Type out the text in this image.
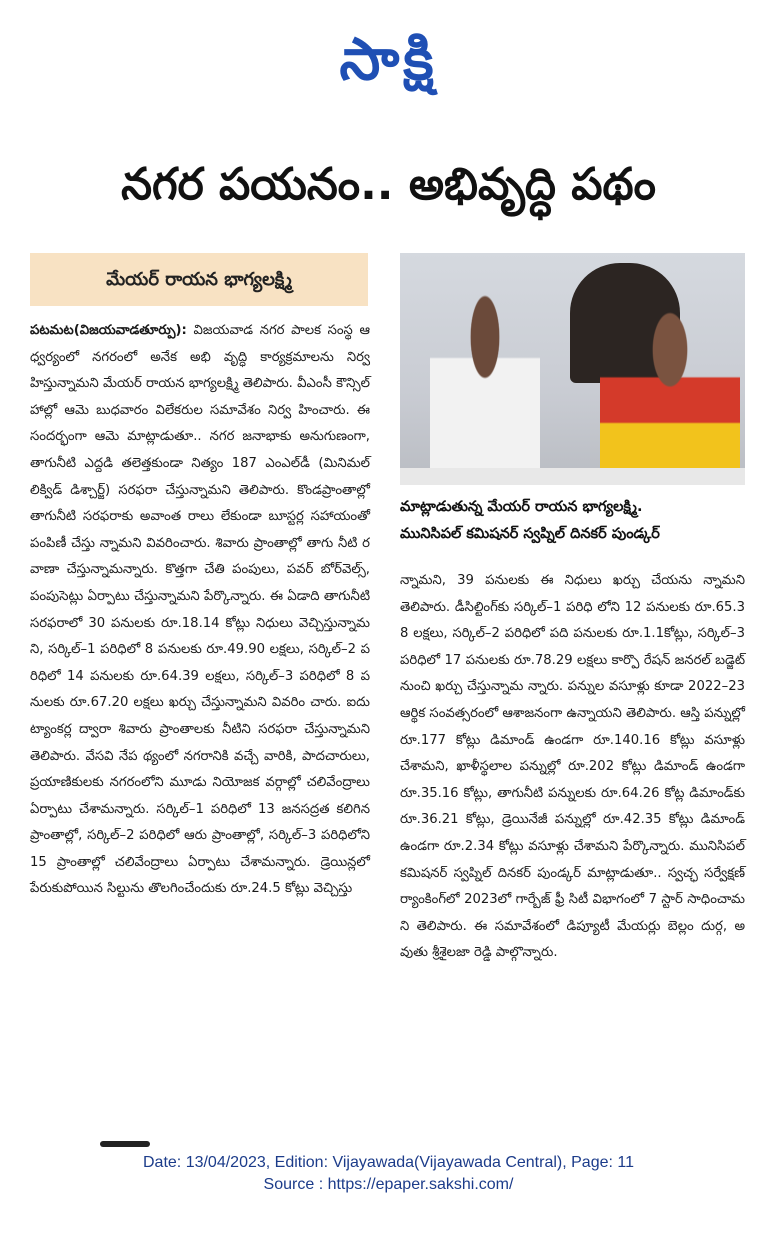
సాక్షి
నగర పయనం.. అభివృద్ధి పథం
మేయర్ రాయన భాగ్యలక్ష్మి
మాట్లాడుతున్న మేయర్ రాయన భాగ్యలక్ష్మి.
మునిసిపల్ కమిషనర్ స్వప్నిల్ దినకర్ పుండ్కర్

పటమట(విజయవాడతూర్పు): విజయవాడ నగర పాలక సంస్థ ఆధ్వర్యంలో నగరంలో అనేక అభి వృద్ధి కార్యక్రమాలను నిర్వహిస్తున్నామని మేయర్ రాయన భాగ్యలక్ష్మి తెలిపారు. వీఎంసీ కౌన్సిల్ హాల్లో ఆమె బుధవారం విలేకరుల సమావేశం నిర్వ హించారు. ఈ సందర్భంగా ఆమె మాట్లాడుతూ.. నగర జనాభాకు అనుగుణంగా, తాగునీటి ఎద్దడి తలెత్తకుండా నిత్యం 187 ఎంఎల్‌డీ (మినిమల్ లిక్విడ్ డిశ్చార్జ్) సరఫరా చేస్తున్నామని తెలిపారు. కొండప్రాంతాల్లో తాగునీటి సరఫరాకు అవాంత రాలు లేకుండా బూస్టర్ల సహాయంతో పంపిణీ చేస్తు న్నామని వివరించారు. శివారు ప్రాంతాల్లో తాగు నీటి రవాణా చేస్తున్నామన్నారు. కొత్తగా చేతి పంపులు, పవర్ బోర్‌వెల్స్, పంపుసెట్లు ఏర్పాటు చేస్తున్నామని పేర్కొన్నారు. ఈ ఏడాది తాగునీటి సరఫరాలో 30 పనులకు రూ.18.14 కోట్లు నిధులు వెచ్చిస్తున్నామని, సర్కిల్–1 పరిధిలో 8 పనులకు రూ.49.90 లక్షలు, సర్కిల్–2 పరిధిలో 14 పనులకు రూ.64.39 లక్షలు, సర్కిల్–3 పరిధిలో 8 పనులకు రూ.67.20 లక్షలు ఖర్చు చేస్తున్నామని వివరిం చారు. ఐదు ట్యాంకర్ల ద్వారా శివారు ప్రాంతాలకు నీటిని సరఫరా చేస్తున్నామని తెలిపారు. వేసవి నేప థ్యంలో నగరానికి వచ్చే వారికి, పాదచారులు, ప్రయాణికులకు నగరంలోని మూడు నియోజక వర్గాల్లో చలివేంద్రాలు ఏర్పాటు చేశామన్నారు. సర్కిల్–1 పరిధిలో 13 జనసద్రత కలిగిన ప్రాంతాల్లో, సర్కిల్–2 పరిధిలో ఆరు ప్రాంతాల్లో, సర్కిల్–3 పరిధిలోని 15 ప్రాంతాల్లో చలివేంద్రాలు ఏర్పాటు చేశామన్నారు. డ్రెయిన్లలో పేరుకుపోయిన సిల్టును తొలగించేందుకు రూ.24.5 కోట్లు వెచ్చిస్తు

న్నామని, 39 పనులకు ఈ నిధులు ఖర్చు చేయను న్నామని తెలిపారు. డీసిల్టింగ్‌కు సర్కిల్–1 పరిధి లోని 12 పనులకు రూ.65.38 లక్షలు, సర్కిల్–2 పరిధిలో పది పనులకు రూ.1.1కోట్లు, సర్కిల్–3 పరిధిలో 17 పనులకు రూ.78.29 లక్షలు కార్పొ రేషన్ జనరల్ బడ్జెట్ నుంచి ఖర్చు చేస్తున్నామ న్నారు. పన్నుల వసూళ్లు కూడా 2022–23 ఆర్థిక సంవత్సరంలో ఆశాజనంగా ఉన్నాయని తెలిపారు. ఆస్తి పన్నుల్లో రూ.177 కోట్లు డిమాండ్ ఉండగా రూ.140.16 కోట్లు వసూళ్లు చేశామని, ఖాళీస్థలాల పన్నుల్లో రూ.202 కోట్లు డిమాండ్ ఉండగా రూ.35.16 కోట్లు, తాగునీటి పన్నులకు రూ.64.26 కోట్ల డిమాండ్‌కు రూ.36.21 కోట్లు, డ్రెయినేజీ పన్నుల్లో రూ.42.35 కోట్లు డిమాండ్ ఉండగా రూ.2.34 కోట్లు వసూళ్లు చేశామని పేర్కొన్నారు. మునిసిపల్ కమిషనర్ స్వప్నిల్ దినకర్ పుండ్కర్ మాట్లాడుతూ.. స్వచ్ఛ సర్వేక్షణ్ ర్యాంకింగ్‌లో 2023లో గార్బేజ్ ఫ్రీ సిటీ విభాగంలో 7 స్టార్ సాధించామని తెలిపారు. ఈ సమావేశంలో డిప్యూటీ మేయర్లు బెల్లం దుర్గ, అవుతు శ్రీశైలజా రెడ్డి పాల్గొన్నారు.

Date: 13/04/2023, Edition: Vijayawada(Vijayawada Central), Page: 11
Source : https://epaper.sakshi.com/
